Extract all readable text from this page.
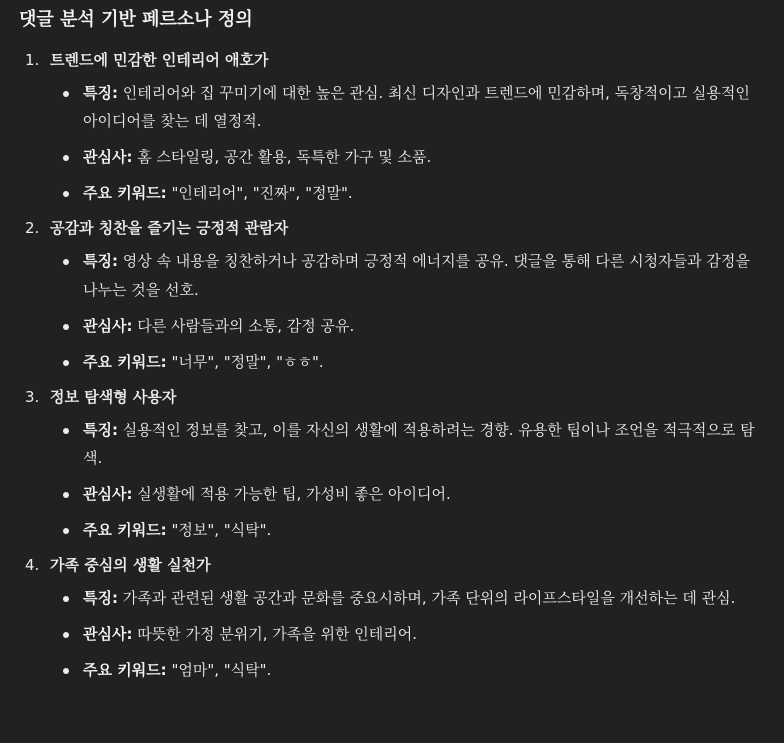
댓글 분석 기반 페르소나 정의
1. 트렌드에 민감한 인테리어 애호가
특징: 인테리어와 집 꾸미기에 대한 높은 관심. 최신 디자인과 트렌드에 민감하며, 독창적이고 실용적인 아이디어를 찾는 데 열정적.
관심사: 홈 스타일링, 공간 활용, 독특한 가구 및 소품.
주요 키워드: "인테리어", "진짜", "정말".
2. 공감과 칭찬을 즐기는 긍정적 관람자
특징: 영상 속 내용을 칭찬하거나 공감하며 긍정적 에너지를 공유. 댓글을 통해 다른 시청자들과 감정을 나누는 것을 선호.
관심사: 다른 사람들과의 소통, 감정 공유.
주요 키워드: "너무", "정말", "ㅎㅎ".
3. 정보 탐색형 사용자
특징: 실용적인 정보를 찾고, 이를 자신의 생활에 적용하려는 경향. 유용한 팁이나 조언을 적극적으로 탐색.
관심사: 실생활에 적용 가능한 팁, 가성비 좋은 아이디어.
주요 키워드: "정보", "식탁".
4. 가족 중심의 생활 실천가
특징: 가족과 관련된 생활 공간과 문화를 중요시하며, 가족 단위의 라이프스타일을 개선하는 데 관심.
관심사: 따뜻한 가정 분위기, 가족을 위한 인테리어.
주요 키워드: "엄마", "식탁".
